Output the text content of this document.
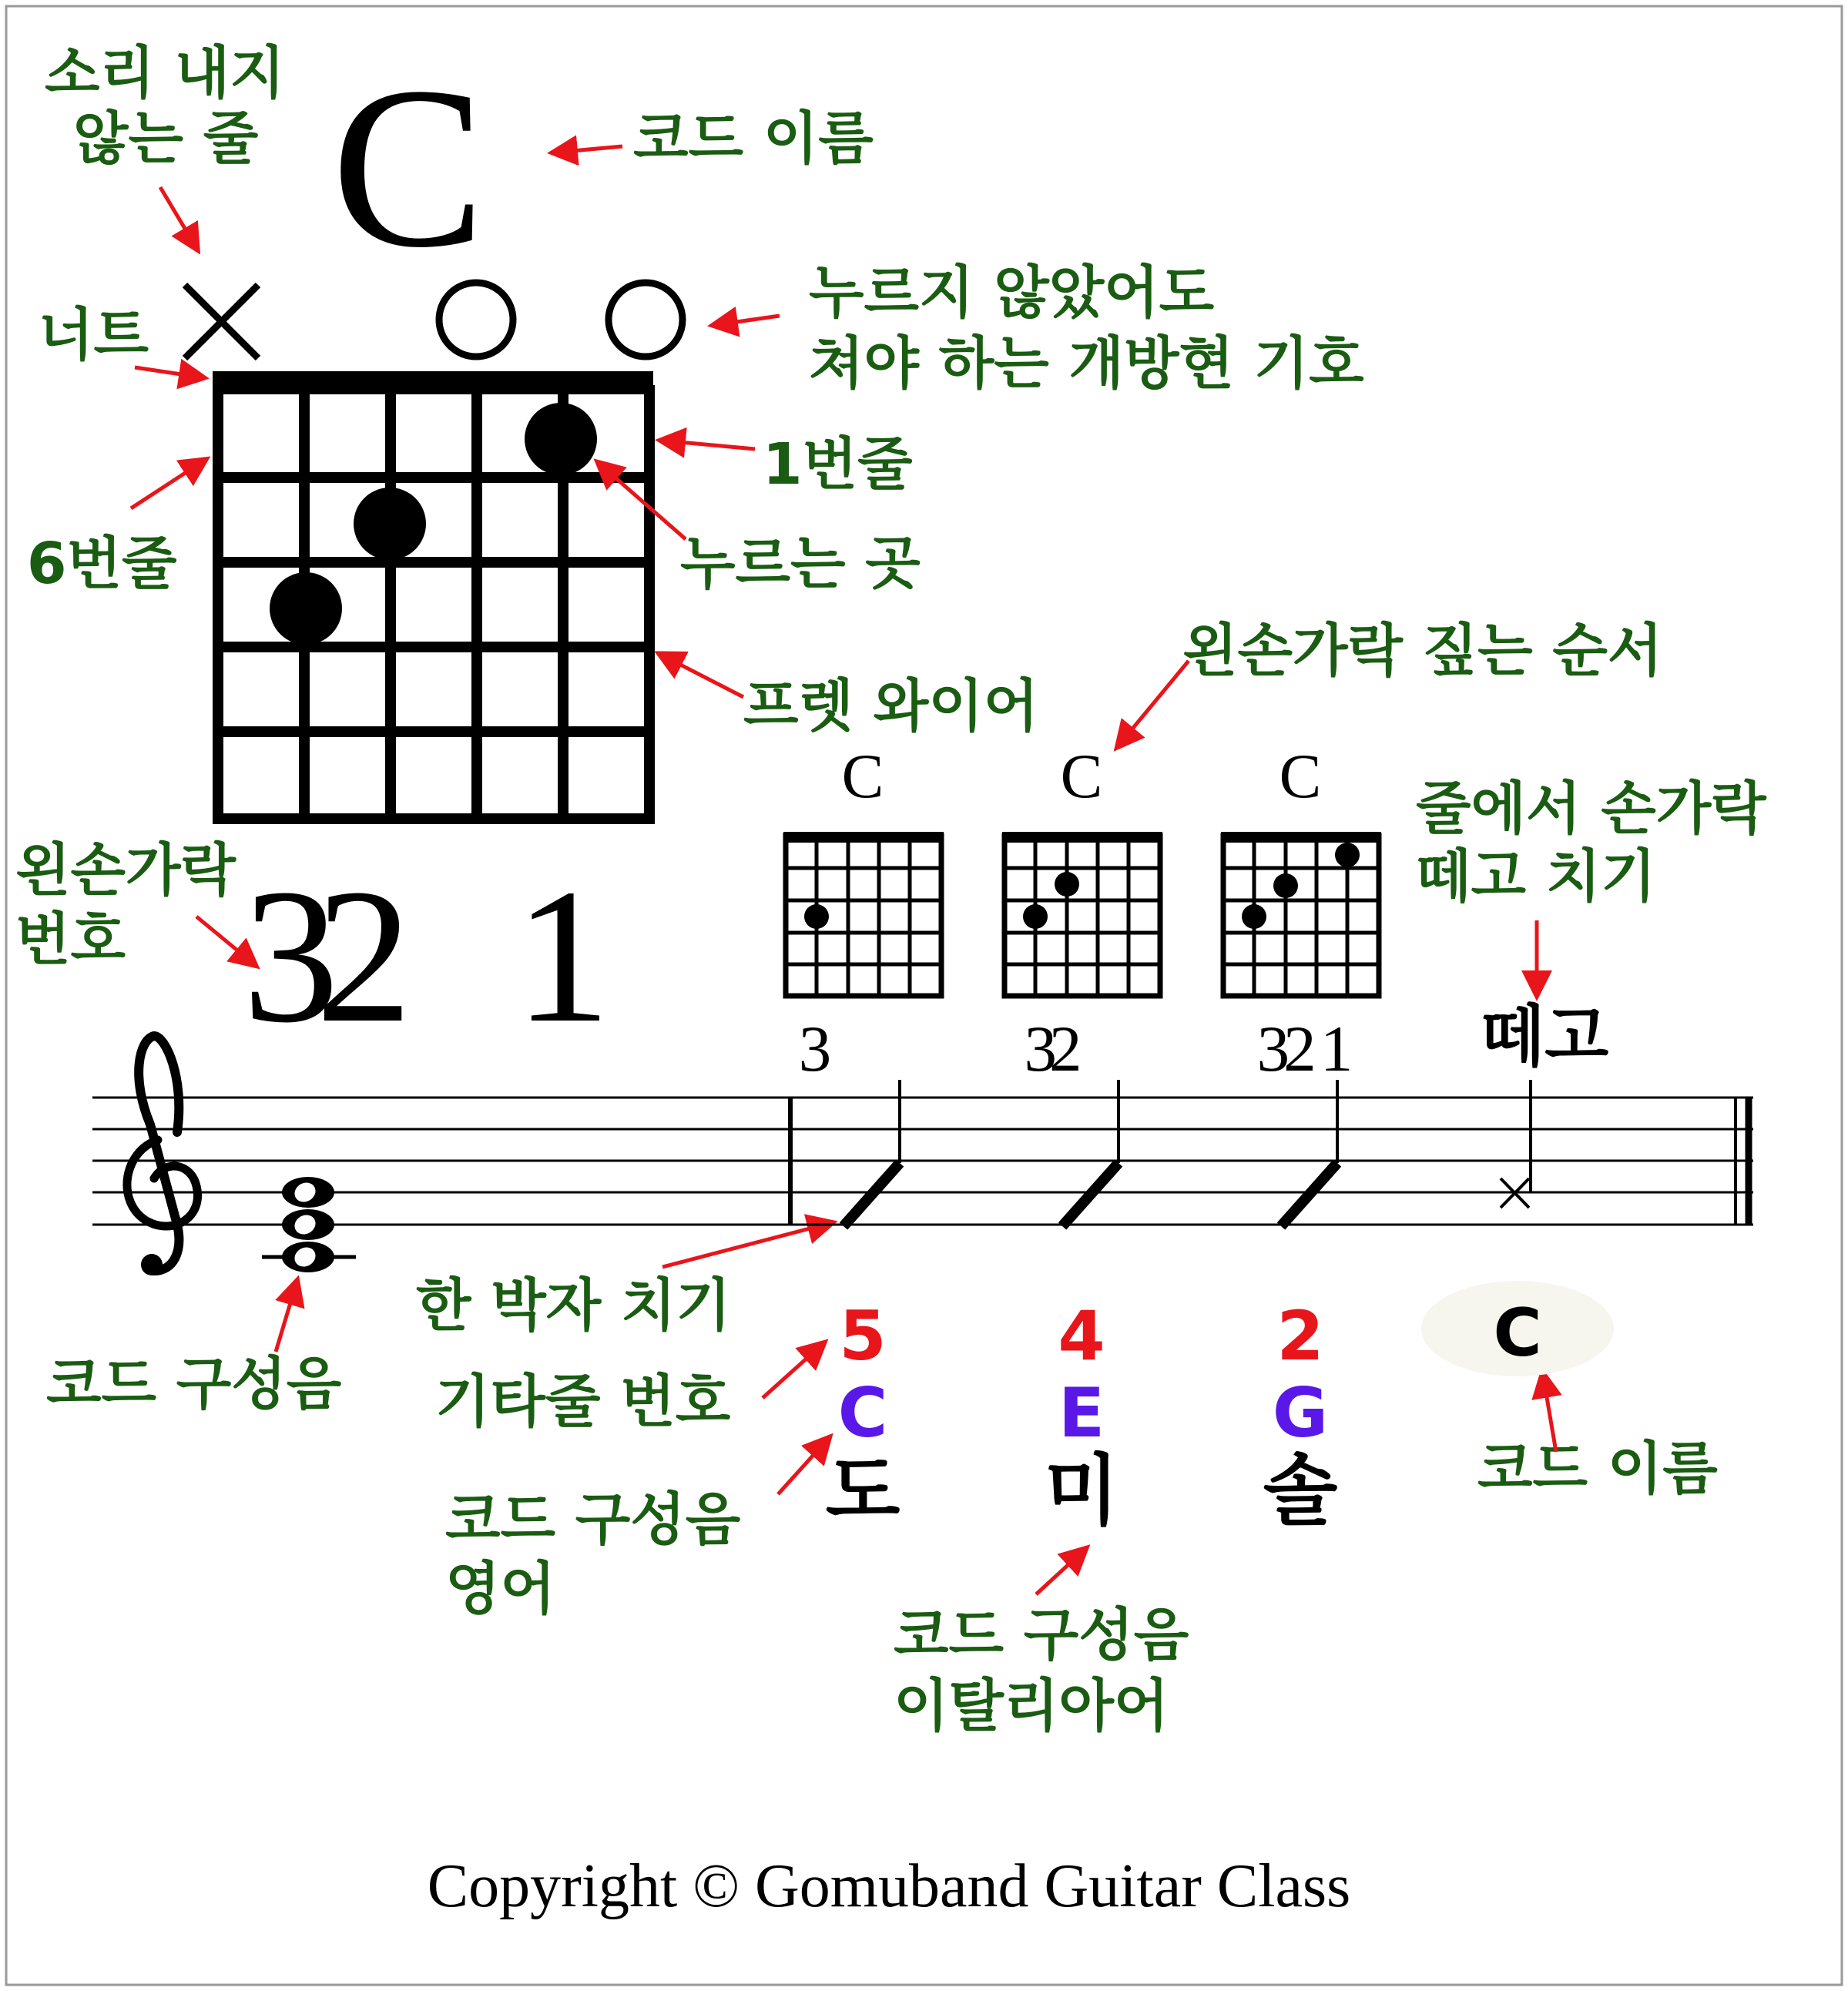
C
32 1
소리 내지
않는 줄	코드 이름
너트
누르지 않았어도
쳐야 하는 개방현 기호
1번줄
6번줄	누르는 곳
프렛 와이어
왼손가락 짚는 순서
왼손가락
번호
줄에서 손가락
떼고 치기
한 박자 치기
코드 구성음 기타줄 번호
코드 구성음
영어
코드 구성음
이탈리아어
코드 이름
C
3
C
32
C
32 1 떼고
5
C
도
4
E
미
2
G
솔
C
Copyright © Gomuband Guitar Class
